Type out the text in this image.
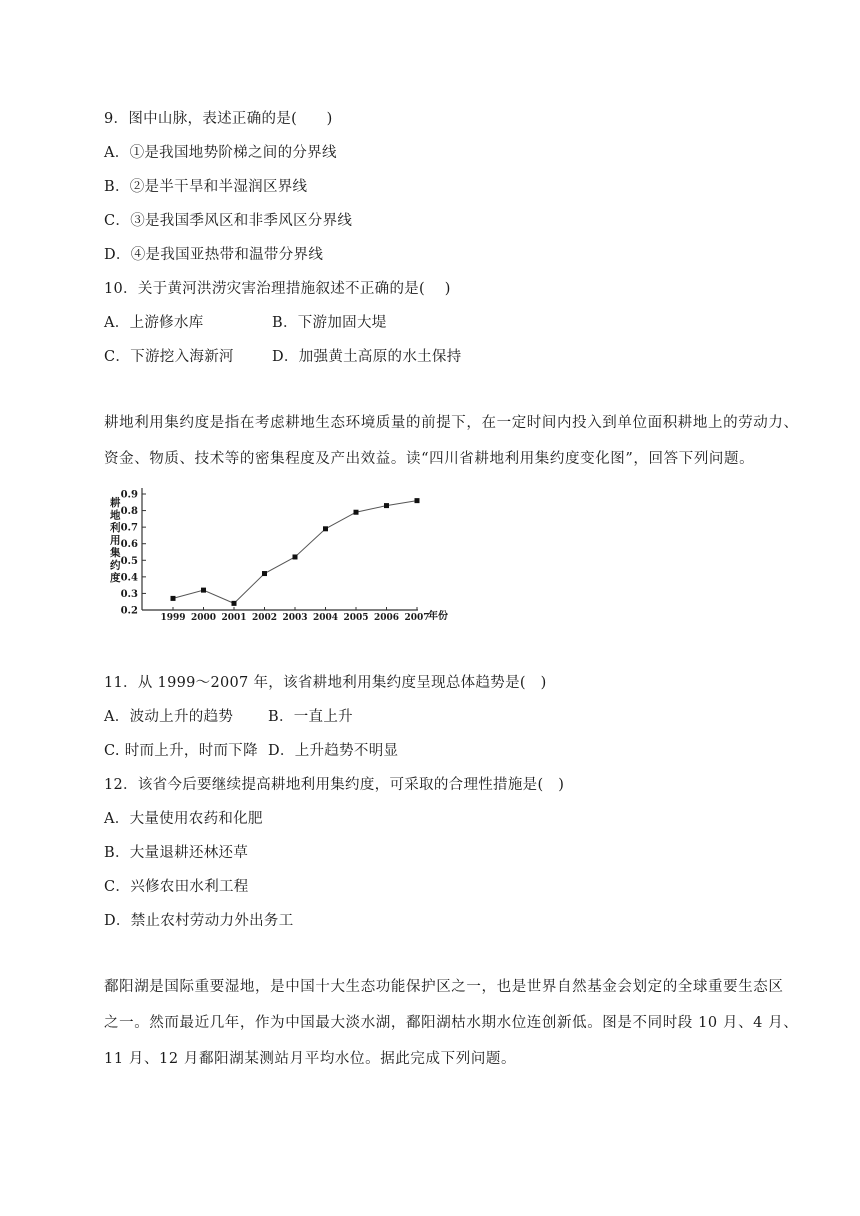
9．图中山脉，表述正确的是(　　)
A．①是我国地势阶梯之间的分界线
B．②是半干旱和半湿润区界线
C．③是我国季风区和非季风区分界线
D．④是我国亚热带和温带分界线
10．关于黄河洪涝灾害治理措施叙述不正确的是(　 )
A．上游修水库	B．下游加固大堤
C．下游挖入海新河	D．加强黄土高原的水土保持
耕地利用集约度是指在考虑耕地生态环境质量的前提下，在一定时间内投入到单位面积耕地上的劳动力、
资金、物质、技术等的密集程度及产出效益。读“四川省耕地利用集约度变化图”，回答下列问题。
耕
地
利
用
集
约
度
0.2
0.3
0.4
0.5
0.6
0.7
0.8
0.9
1999 2000 2001 2002 2003 2004 2005 2006 2007
年份
11．从 1999～2007 年，该省耕地利用集约度呈现总体趋势是(　)
A．波动上升的趋势 B．一直上升
C. 时而上升，时而下降 D．上升趋势不明显
12．该省今后要继续提高耕地利用集约度，可采取的合理性措施是(　)
A．大量使用农药和化肥
B．大量退耕还林还草
C．兴修农田水利工程
D．禁止农村劳动力外出务工
鄱阳湖是国际重要湿地，是中国十大生态功能保护区之一，也是世界自然基金会划定的全球重要生态区
之一。然而最近几年，作为中国最大淡水湖，鄱阳湖枯水期水位连创新低。图是不同时段 10 月、4 月、
11 月、12 月鄱阳湖某测站月平均水位。据此完成下列问题。
